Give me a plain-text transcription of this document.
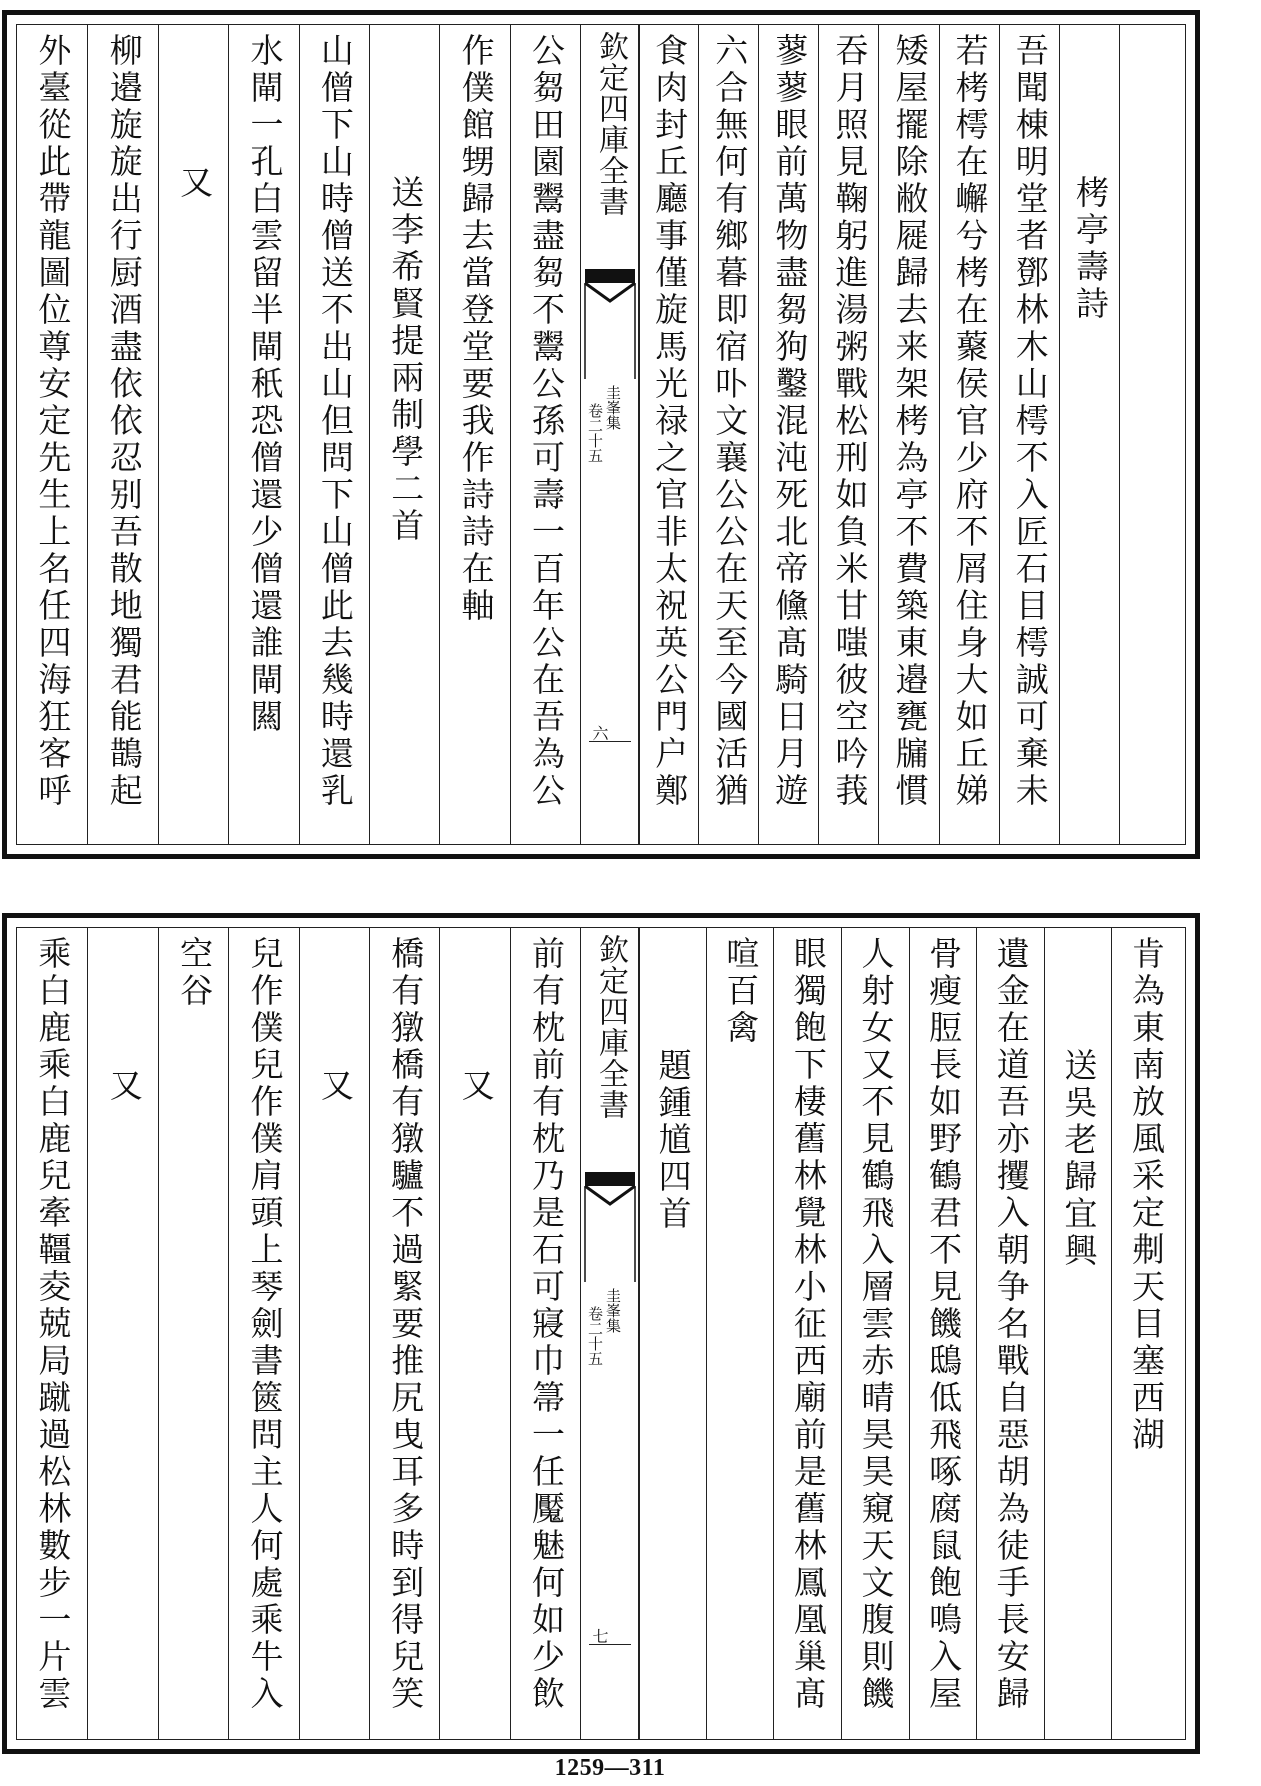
栲亭壽詩
吾聞棟明堂者鄧林木山樗不入匠石目樗誠可棄未
若栲樗在嶰兮栲在藂侯官少府不屑住身大如丘娣
矮屋擺除敝屣歸去来架栲為亭不費築東邉甕牖慣
吞月照見鞠躬進湯粥戰松刑如負米甘嗤彼空吟莪
蓼蓼眼前萬物盡芻狗鑿混沌死北帝儵髙騎日月遊
六合無何有鄉暮即宿卟文襄公公在天至今國活猶
食肉封丘廳事僅旋馬光禄之官非太祝英公門户鄭
公芻田園鬻盡芻不鬻公孫可壽一百年公在吾為公
作僕館甥歸去當登堂要我作詩詩在軸
送李希賢提兩制學二首
山僧下山時僧送不出山但問下山僧此去幾時還乳
水閘一孔白雲留半閘秖恐僧還少僧還誰閘闗
又
柳邉旋旋出行厨酒盡依依忍别吾散地獨君能鵲起
外臺從此帶龍圖位尊安定先生上名任四海狂客呼	欽定四庫全書
圭峯集
卷二十五
六
肯為東南放風采定刜天目塞西湖
送吳老歸宜興
遺金在道吾亦攫入朝争名戰自惡胡為徒手長安歸
骨瘦脰長如野鶴君不見饑鴟低飛啄腐鼠飽鳴入屋
人射女又不見鶴飛入層雲赤晴昊昊窺天文腹則饑
眼獨飽下棲舊林覺林小征西廟前是舊林鳳凰巢髙
喧百禽
題鍾馗四首
前有枕前有枕乃是石可寢巾箒一任魘魅何如少飲
又
橋有獤橋有獤驢不過緊要推尻曳耳多時到得兒笑
又
兒作僕兒作僕肩頭上琴劍書篋問主人何處乘牛入
空谷
又
乘白鹿乘白鹿兒牽韁夌兢局蹴過松林數步一片雲	欽定四庫全書
圭峯集
卷二十五
七
1259—311
